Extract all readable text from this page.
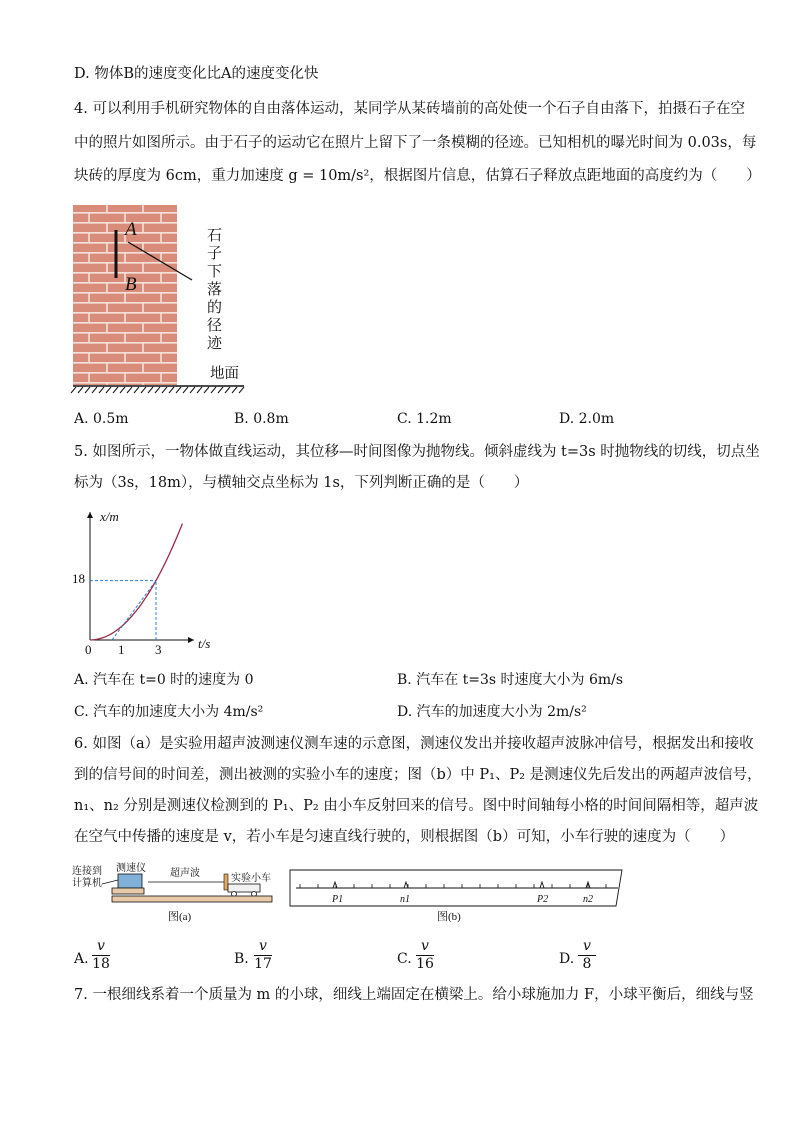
D. 物体B的速度变化比A的速度变化快
4. 可以利用手机研究物体的自由落体运动，某同学从某砖墙前的高处使一个石子自由落下，拍摄石子在空
中的照片如图所示。由于石子的运动它在照片上留下了一条模糊的径迹。已知相机的曝光时间为 0.03s，每
块砖的厚度为 6cm，重力加速度 g = 10m/s²，根据图片信息，估算石子释放点距地面的高度约为（　　）
A
B
石
子
下
落
的
径
迹
地面
A. 0.5m	B. 0.8m	C. 1.2m	D. 2.0m
5. 如图所示，一物体做直线运动，其位移—时间图像为抛物线。倾斜虚线为 t=3s 时抛物线的切线，切点坐
标为（3s，18m），与横轴交点坐标为 1s，下列判断正确的是（　　）
x/m
t/s
0 1 3
18
A. 汽车在 t=0 时的速度为 0	B. 汽车在 t=3s 时速度大小为 6m/s
C. 汽车的加速度大小为 4m/s²	D. 汽车的加速度大小为 2m/s²
6. 如图（a）是实验用超声波测速仪测车速的示意图，测速仪发出并接收超声波脉冲信号，根据发出和接收
到的信号间的时间差，测出被测的实验小车的速度；图（b）中 P₁、P₂ 是测速仪先后发出的两超声波信号，
n₁、n₂ 分别是测速仪检测到的 P₁、P₂ 由小车反射回来的信号。图中时间轴每小格的时间间隔相等，超声波
在空气中传播的速度是 v，若小车是匀速直线行驶的，则根据图（b）可知，小车行驶的速度为（　　）
连接到
计算机
测速仪 超声波	实验小车
图(a)
P1	n1	P2	n2
图(b)
A.
v
18	B.
v
17	C.
v
16	D.
v
8
7. 一根细线系着一个质量为 m 的小球，细线上端固定在横梁上。给小球施加力 F，小球平衡后，细线与竖
